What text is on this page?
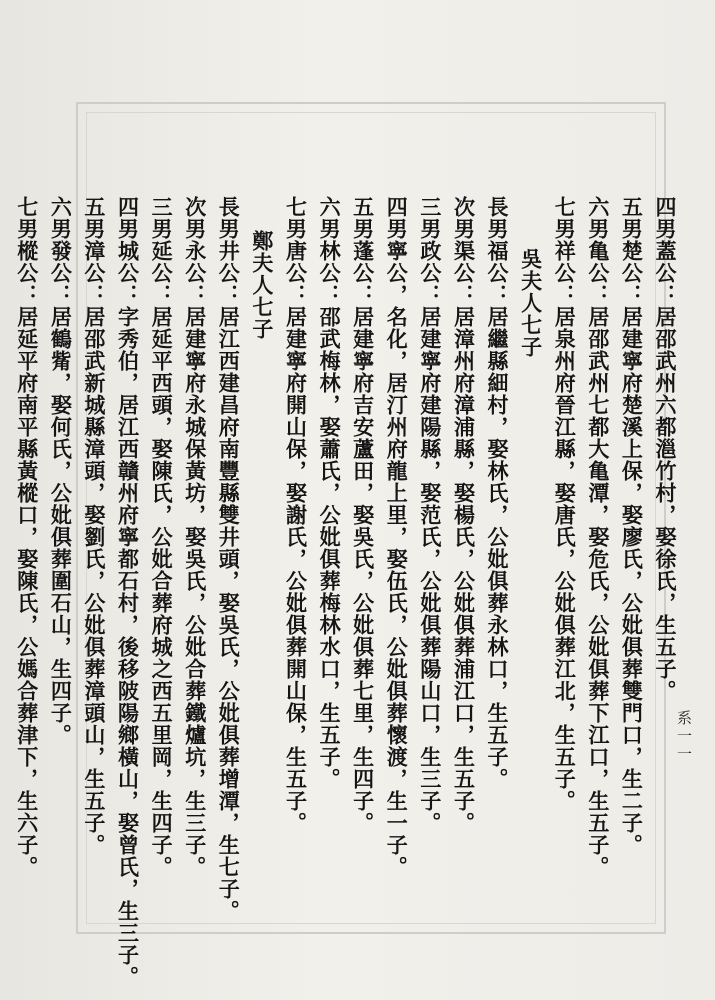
四男蓋公：居邵武州六都㴩竹村，娶徐氏，生五子。
五男楚公：居建寧府楚溪上保，娶廖氏，公妣俱葬雙門口，生二子。
六男亀公：居邵武州七都大亀潭，娶危氏，公妣俱葬下江口，生五子。
七男祥公：居泉州府晉江縣，娶唐氏，公妣俱葬江北，生五子。
吳夫人七子
長男福公：居繼縣細村，娶林氏，公妣俱葬永林口，生五子。
次男渠公：居漳州府漳浦縣，娶楊氏，公妣俱葬浦江口，生五子。
三男政公：居建寧府建陽縣，娶范氏，公妣俱葬陽山口，生三子。
四男寧公，名化，居汀州府龍上里，娶伍氏，公妣俱葬懷渡，生一子。
五男蓬公：居建寧府吉安蘆田，娶吳氏，公妣俱葬七里，生四子。
六男林公：邵武梅林，娶蕭氏，公妣俱葬梅林水口，生五子。
七男唐公：居建寧府開山保，娶謝氏，公妣俱葬開山保，生五子。
鄭夫人七子
長男井公：居江西建昌府南豐縣雙井頭，娶吳氏，公妣俱葬增潭，生七子。
次男永公：居建寧府永城保黃坊，娶吳氏，公妣合葬鐵爐坑，生三子。
三男延公：居延平西頭，娶陳氏，公妣合葬府城之西五里岡，生四子。
四男城公：字秀伯，居江西贛州府寧都石村，後移陂陽鄉橫山，娶曾氏，生三子。
五男漳公：居邵武新城縣漳頭，娶劉氏，公妣俱葬漳頭山，生五子。
六男發公：居鶴觜，娶何氏，公妣俱葬圍石山，生四子。
七男樅公：居延平府南平縣黃樅口，娶陳氏，公媽合葬津下，生六子。	系一一
